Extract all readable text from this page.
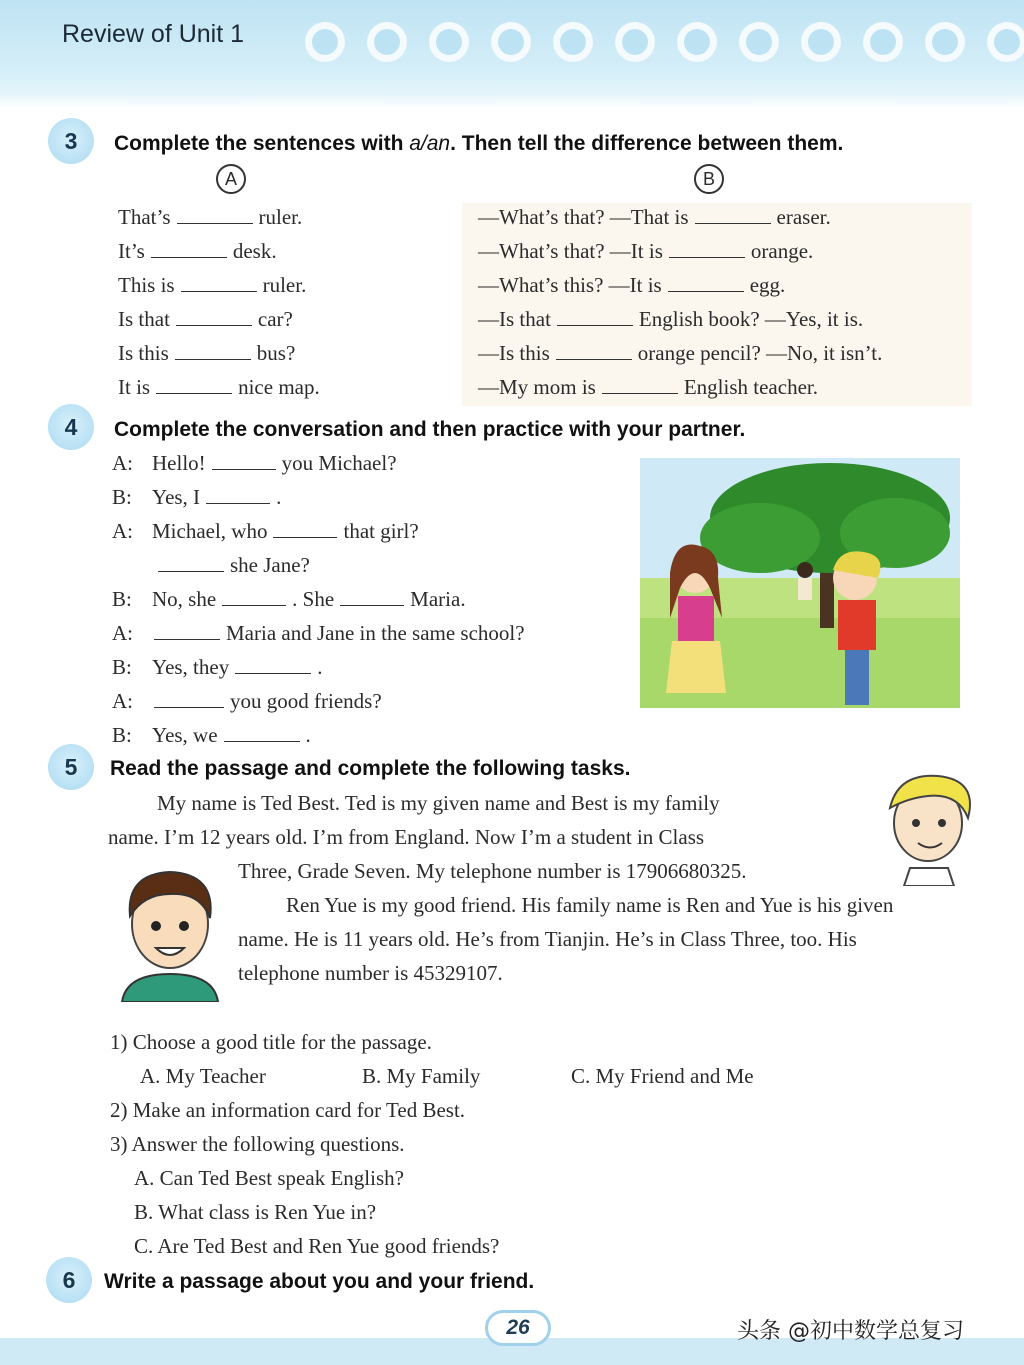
Review of Unit 1
3	Complete the sentences with a/an. Then tell the difference between them.
A	B
That’s	ruler.
It’s	desk.
This is	ruler.
Is that	car?
Is this	bus?
It is	nice map.
—What’s that? —That is	eraser.
—What’s that? —It is	orange.
—What’s this? —It is	egg.
—Is that	English book? —Yes, it is.
—Is this	orange pencil? —No, it isn’t.
—My mom is	English teacher.
4	Complete the conversation and then practice with your partner.
A: Hello!	you Michael?
B: Yes, I	.
A: Michael, who	that girl?
she Jane?
B: No, she	. She	Maria.
A:	Maria and Jane in the same school?
B: Yes, they	.
A:	you good friends?
B: Yes, we	.
5	Read the passage and complete the following tasks.
My name is Ted Best. Ted is my given name and Best is my family
name. I’m 12 years old. I’m from England. Now I’m a student in Class
Three, Grade Seven. My telephone number is 17906680325.
Ren Yue is my good friend. His family name is Ren and Yue is his given
name. He is 11 years old. He’s from Tianjin. He’s in Class Three, too. His
telephone number is 45329107.
1) Choose a good title for the passage.
A. My Teacher	B. My Family	C. My Friend and Me
2) Make an information card for Ted Best.
3) Answer the following questions.
A. Can Ted Best speak English?
B. What class is Ren Yue in?
C. Are Ted Best and Ren Yue good friends?
6	Write a passage about you and your friend.
26	头条 @初中数学总复习
